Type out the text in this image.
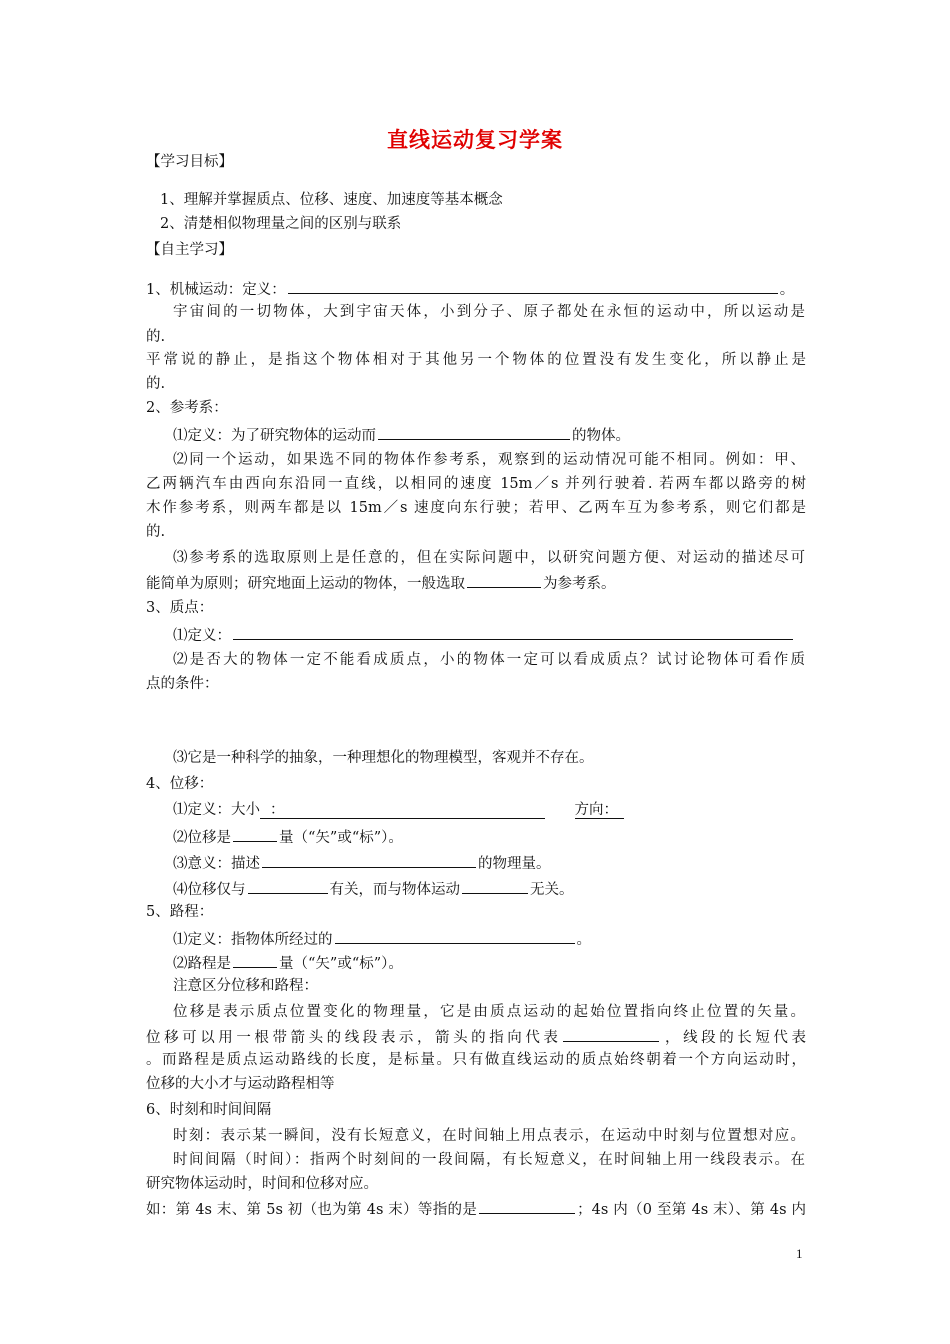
直线运动复习学案
【学习目标】
1、理解并掌握质点、位移、速度、加速度等基本概念
2、清楚相似物理量之间的区别与联系
【自主学习】
1、机械运动：定义：	。
宇宙间的一切物体，大到宇宙天体，小到分子、原子都处在永恒的运动中，所以运动是
的.
平常说的静止，是指这个物体相对于其他另一个物体的位置没有发生变化，所以静止是
的.
2、参考系：
⑴定义：为了研究物体的运动而	的物体。
⑵同一个运动，如果选不同的物体作参考系，观察到的运动情况可能不相同。例如：甲、
乙两辆汽车由西向东沿同一直线，以相同的速度 15m／s 并列行驶着. 若两车都以路旁的树
木作参考系，则两车都是以 15m／s 速度向东行驶；若甲、乙两车互为参考系，则它们都是
的.
⑶参考系的选取原则上是任意的，但在实际问题中，以研究问题方便、对运动的描述尽可
能简单为原则；研究地面上运动的物体，一般选取	为参考系。
3、质点：
⑴定义：
⑵是否大的物体一定不能看成质点，小的物体一定可以看成质点？试讨论物体可看作质
点的条件：
⑶它是一种科学的抽象，一种理想化的物理模型，客观并不存在。
4、位移：
⑴定义：大小 ：	方向：
⑵位移是	量（“矢”或“标”）。
⑶意义：描述	的物理量。
⑷位移仅与	有关，而与物体运动	无关。
5、路程：
⑴定义：指物体所经过的	。
⑵路程是	量（“矢”或“标”）。
注意区分位移和路程：
位移是表示质点位置变化的物理量，它是由质点运动的起始位置指向终止位置的矢量。
位移可以用一根带箭头的线段表示，箭头的指向代表	，线段的长短代表
。而路程是质点运动路线的长度，是标量。只有做直线运动的质点始终朝着一个方向运动时，
位移的大小才与运动路程相等
6、时刻和时间间隔
时刻：表示某一瞬间，没有长短意义，在时间轴上用点表示，在运动中时刻与位置想对应。
时间间隔（时间）：指两个时刻间的一段间隔，有长短意义，在时间轴上用一线段表示。在
研究物体运动时，时间和位移对应。
如：第 4s 末、第 5s 初（也为第 4s 末）等指的是	；4s 内（0 至第 4s 末）、第 4s 内
1
